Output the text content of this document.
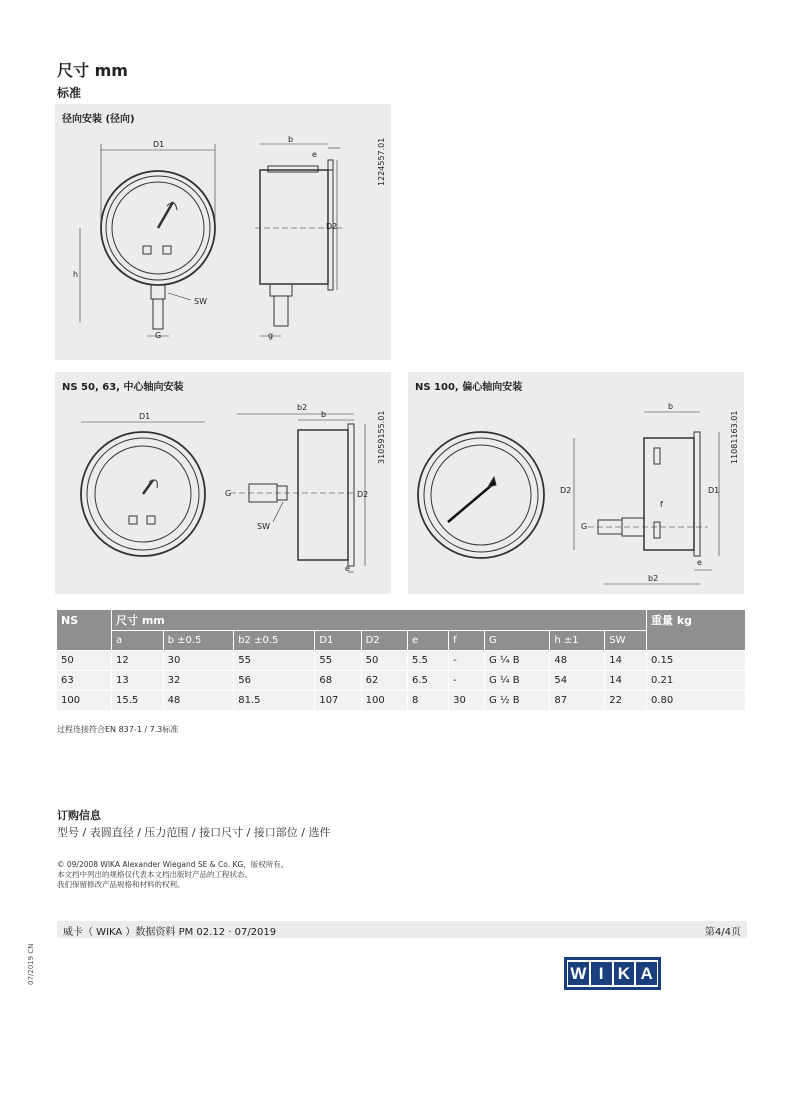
尺寸 mm
标准
径向安装 (径向)
1224557.01
D1
b
e
D2
h
SW
G	g
NS 50, 63, 中心轴向安装
31059155.01
D1
b2
b
G
SW
D2
e
NS 100, 偏心轴向安装
11081163.01
b
D2	D1
G
f
e
b2
NS	尺寸 mm										重量 kg
	a	b ±0.5	b2 ±0.5	D1	D2	e	f	G	h ±1	SW	
50	12	30	55	55	50	5.5	-	G ¼ B	48	14	0.15
63	13	32	56	68	62	6.5	-	G ¼ B	54	14	0.21
100	15.5	48	81.5	107	100	8	30	G ½ B	87	22	0.80
过程连接符合EN 837-1 / 7.3标准
订购信息
型号 / 表圆直径 / 压力范围 / 接口尺寸 / 接口部位 / 选件
© 09/2008 WIKA Alexander Wiegand SE & Co. KG，版权所有。
本文档中列出的规格仅代表本文档出版时产品的工程状态。
我们保留修改产品规格和材料的权利。
威卡（ WIKA ）数据资料 PM 02.12 · 07/2019	第4/4页
07/2019 CN	W I K A
